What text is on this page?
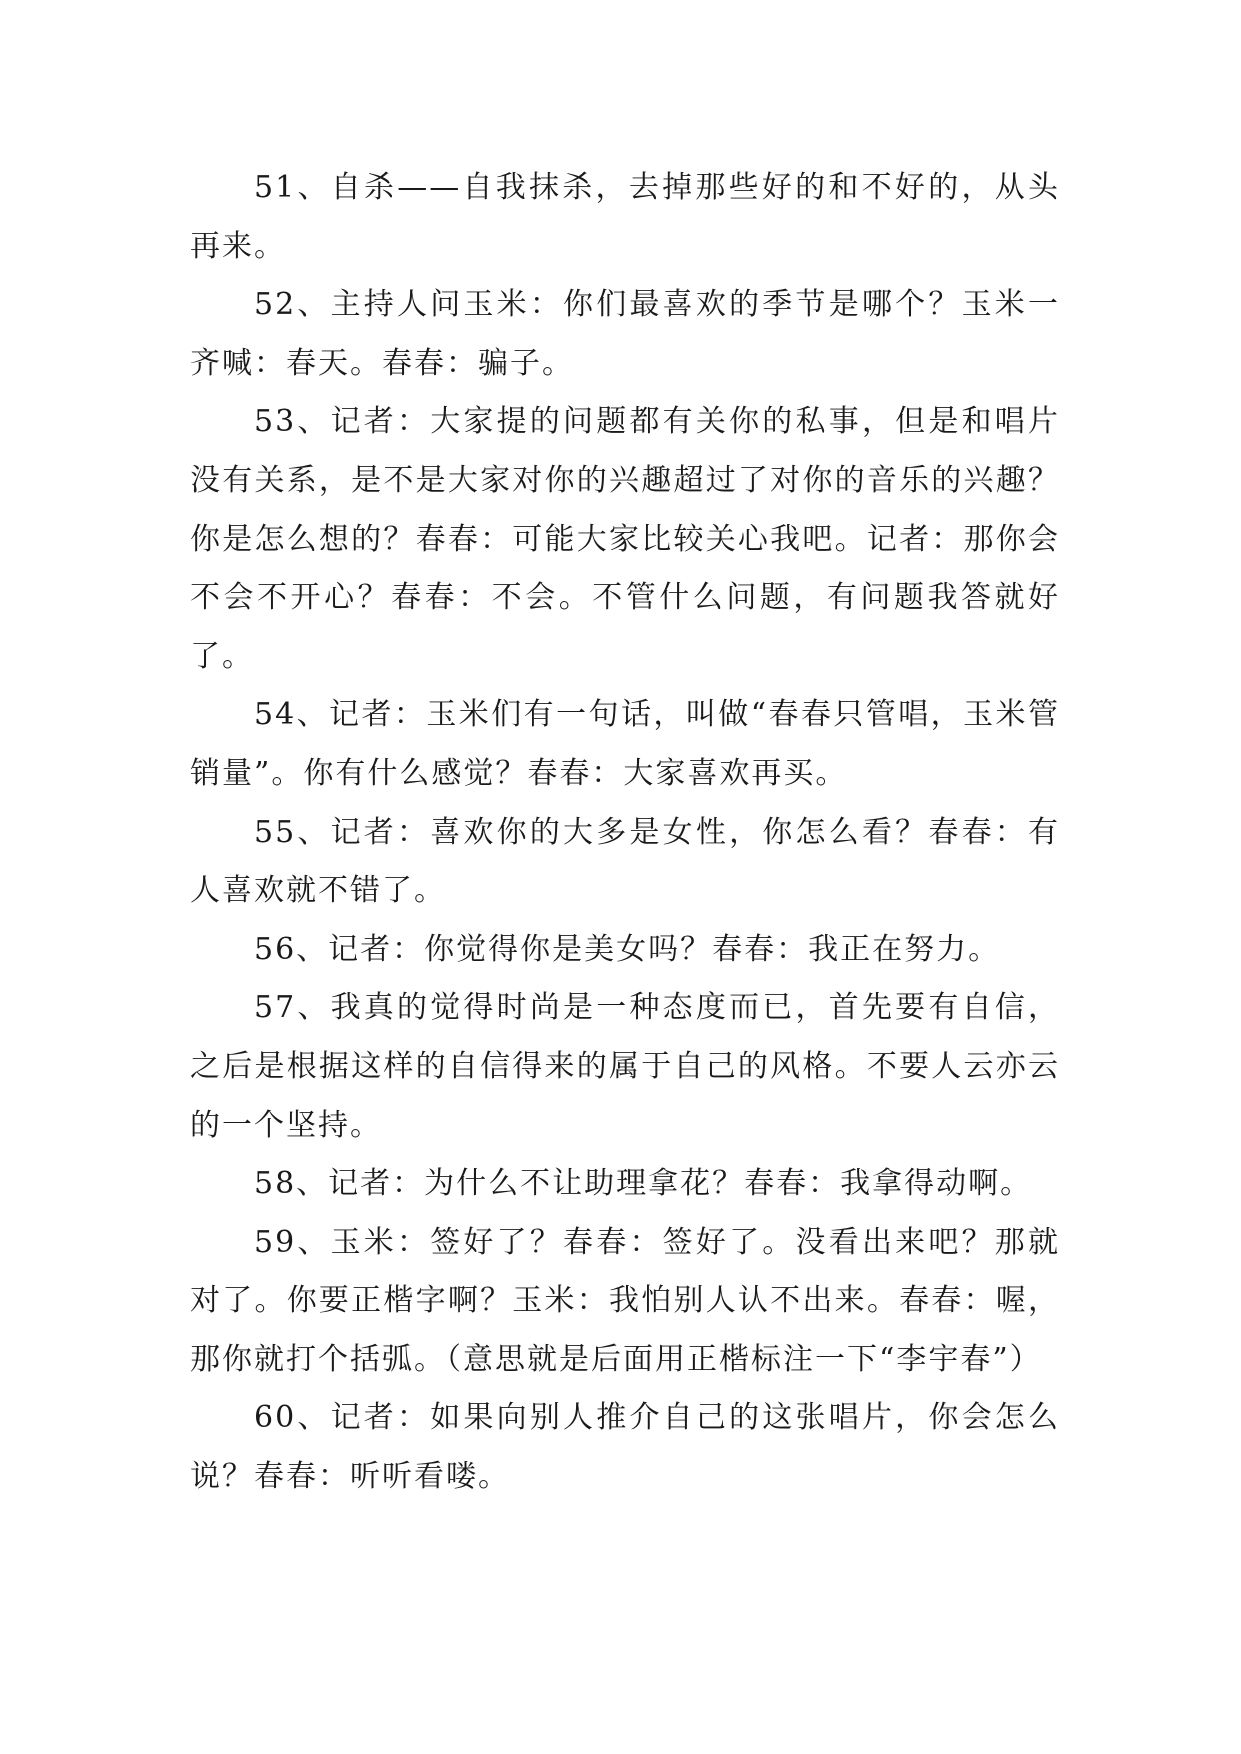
51、自杀——自我抹杀，去掉那些好的和不好的，从头再来。

52、主持人问玉米：你们最喜欢的季节是哪个？玉米一齐喊：春天。春春：骗子。

53、记者：大家提的问题都有关你的私事，但是和唱片没有关系，是不是大家对你的兴趣超过了对你的音乐的兴趣？你是怎么想的？春春：可能大家比较关心我吧。记者：那你会不会不开心？春春：不会。不管什么问题，有问题我答就好了。

54、记者：玉米们有一句话，叫做“春春只管唱，玉米管销量”。你有什么感觉？春春：大家喜欢再买。

55、记者：喜欢你的大多是女性，你怎么看？春春：有人喜欢就不错了。

56、记者：你觉得你是美女吗？春春：我正在努力。

57、我真的觉得时尚是一种态度而已，首先要有自信，之后是根据这样的自信得来的属于自己的风格。不要人云亦云的一个坚持。

58、记者：为什么不让助理拿花？春春：我拿得动啊。

59、玉米：签好了？春春：签好了。没看出来吧？那就对了。你要正楷字啊？玉米：我怕别人认不出来。春春：喔，那你就打个括弧。（意思就是后面用正楷标注一下“李宇春”）

60、记者：如果向别人推介自己的这张唱片，你会怎么说？春春：听听看喽。
